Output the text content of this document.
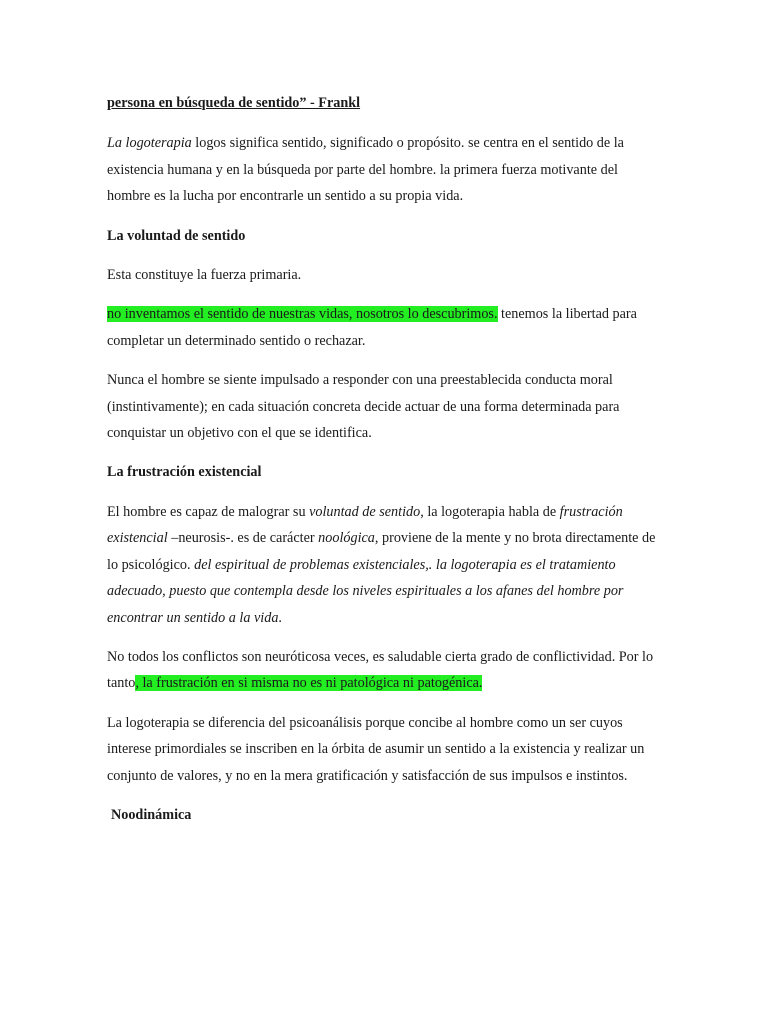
persona en búsqueda de sentido” - Frankl

La logoterapia logos significa sentido, significado o propósito. se centra en el sentido de la existencia humana y en la búsqueda por parte del hombre. la primera fuerza motivante del hombre es la lucha por encontrarle un sentido a su propia vida.

La voluntad de sentido

Esta constituye la fuerza primaria.

no inventamos el sentido de nuestras vidas, nosotros lo descubrimos. tenemos la libertad para completar un determinado sentido o rechazar.

Nunca el hombre se siente impulsado a responder con una preestablecida conducta moral (instintivamente); en cada situación concreta decide actuar de una forma determinada para conquistar un objetivo con el que se identifica.

La frustración existencial

El hombre es capaz de malograr su voluntad de sentido, la logoterapia habla de frustración existencial –neurosis-. es de carácter noológica, proviene de la mente y no brota directamente de lo psicológico. del espiritual de problemas existenciales,. la logoterapia es el tratamiento adecuado, puesto que contempla desde los niveles espirituales a los afanes del hombre por encontrar un sentido a la vida.

No todos los conflictos son neuróticosa veces, es saludable cierta grado de conflictividad. Por lo tanto, la frustración en si misma no es ni patológica ni patogénica.

La logoterapia se diferencia del psicoanálisis porque concibe al hombre como un ser cuyos interese primordiales se inscriben en la órbita de asumir un sentido a la existencia y realizar un conjunto de valores, y no en la mera gratificación y satisfacción de sus impulsos e instintos.

Noodinámica
